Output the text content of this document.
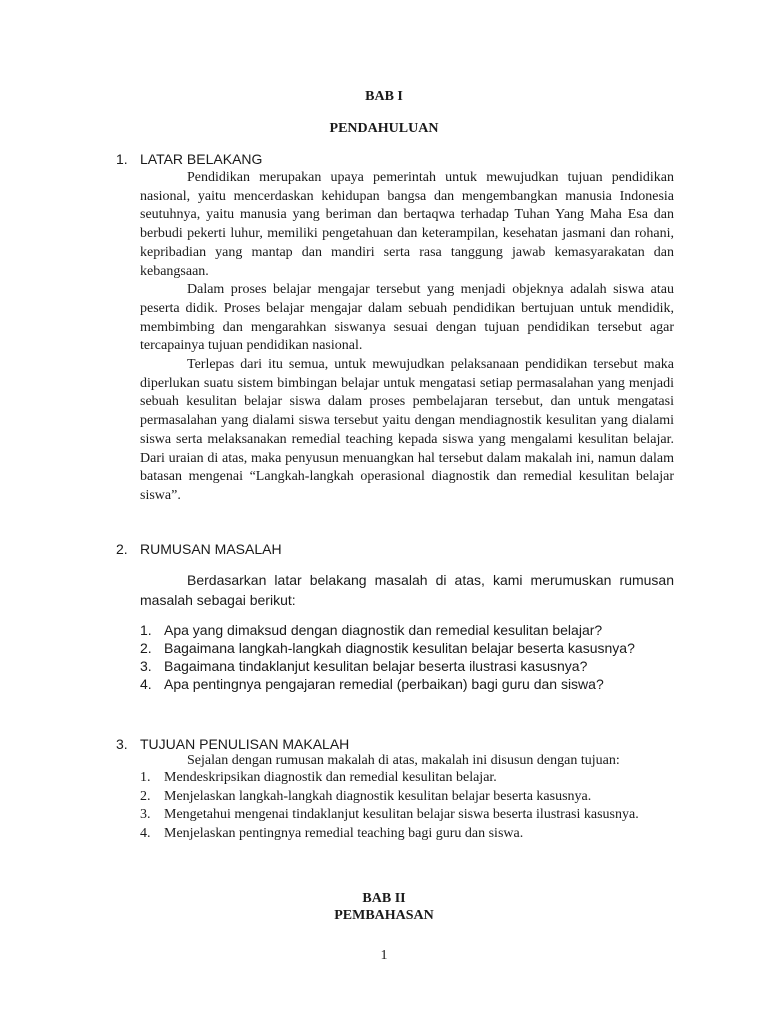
BAB I
PENDAHULUAN
1. LATAR BELAKANG
Pendidikan merupakan upaya pemerintah untuk mewujudkan tujuan pendidikan nasional, yaitu mencerdaskan kehidupan bangsa dan mengembangkan manusia Indonesia seutuhnya, yaitu manusia yang beriman dan bertaqwa terhadap Tuhan Yang Maha Esa dan berbudi pekerti luhur, memiliki pengetahuan dan keterampilan, kesehatan jasmani dan rohani, kepribadian yang mantap dan mandiri serta rasa tanggung jawab kemasyarakatan dan kebangsaan.
Dalam proses belajar mengajar tersebut yang menjadi objeknya adalah siswa atau peserta didik. Proses belajar mengajar dalam sebuah pendidikan bertujuan untuk mendidik, membimbing dan mengarahkan siswanya sesuai dengan tujuan pendidikan tersebut agar tercapainya tujuan pendidikan nasional.
Terlepas dari itu semua, untuk mewujudkan pelaksanaan pendidikan tersebut maka diperlukan suatu sistem bimbingan belajar untuk mengatasi setiap permasalahan yang menjadi sebuah kesulitan belajar siswa dalam proses pembelajaran tersebut, dan untuk mengatasi permasalahan yang dialami siswa tersebut yaitu dengan mendiagnostik kesulitan yang dialami siswa serta melaksanakan remedial teaching kepada siswa yang mengalami kesulitan belajar. Dari uraian di atas, maka penyusun menuangkan hal tersebut dalam makalah ini, namun dalam batasan mengenai “Langkah-langkah operasional diagnostik dan remedial kesulitan belajar siswa”.
2. RUMUSAN MASALAH
Berdasarkan latar belakang masalah di atas, kami merumuskan rumusan masalah sebagai berikut:
1. Apa yang dimaksud dengan diagnostik dan remedial kesulitan belajar?
2. Bagaimana langkah-langkah diagnostik kesulitan belajar beserta kasusnya?
3. Bagaimana tindaklanjut kesulitan belajar beserta ilustrasi kasusnya?
4. Apa pentingnya pengajaran remedial (perbaikan) bagi guru dan siswa?
3. TUJUAN PENULISAN MAKALAH
Sejalan dengan rumusan makalah di atas, makalah ini disusun dengan tujuan:
1. Mendeskripsikan diagnostik dan remedial kesulitan belajar.
2. Menjelaskan langkah-langkah diagnostik kesulitan belajar beserta kasusnya.
3. Mengetahui mengenai tindaklanjut kesulitan belajar siswa beserta ilustrasi kasusnya.
4. Menjelaskan pentingnya remedial teaching bagi guru dan siswa.
BAB II
PEMBAHASAN
1
